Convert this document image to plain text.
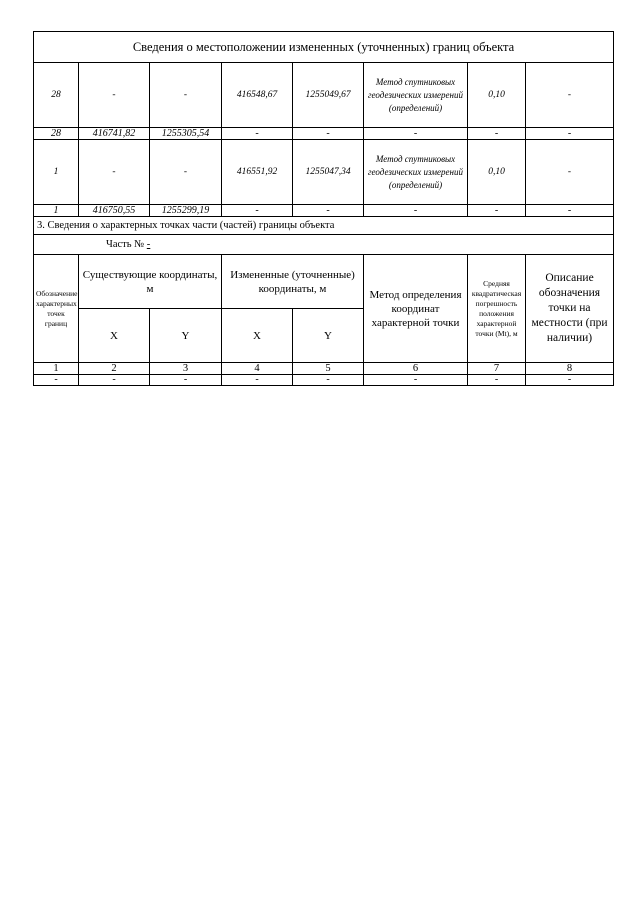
Сведения о местоположении измененных (уточненных) границ объекта							
28	-	-	416548,67	1255049,67	Метод спутниковых геодезических измерений (определений)	0,10	-
28	416741,82	1255305,54	-	-	-	-	-
1	-	-	416551,92	1255047,34	Метод спутниковых геодезических измерений (определений)	0,10	-
1	416750,55	1255299,19	-	-	-	-	-
3. Сведения о характерных точках части (частей) границы объекта							
Часть № -							
Обозначение характерных точек границ	Существующие координаты, м		Измененные (уточненные) координаты, м		Метод определения координат характерной точки	Средняя квадратическая погрешность положения характерной точки (Mt), м	Описание обозначения точки на местности (при наличии)
	X	Y	X	Y			
1	2	3	4	5	6	7	8
-	-	-	-	-	-	-	-
